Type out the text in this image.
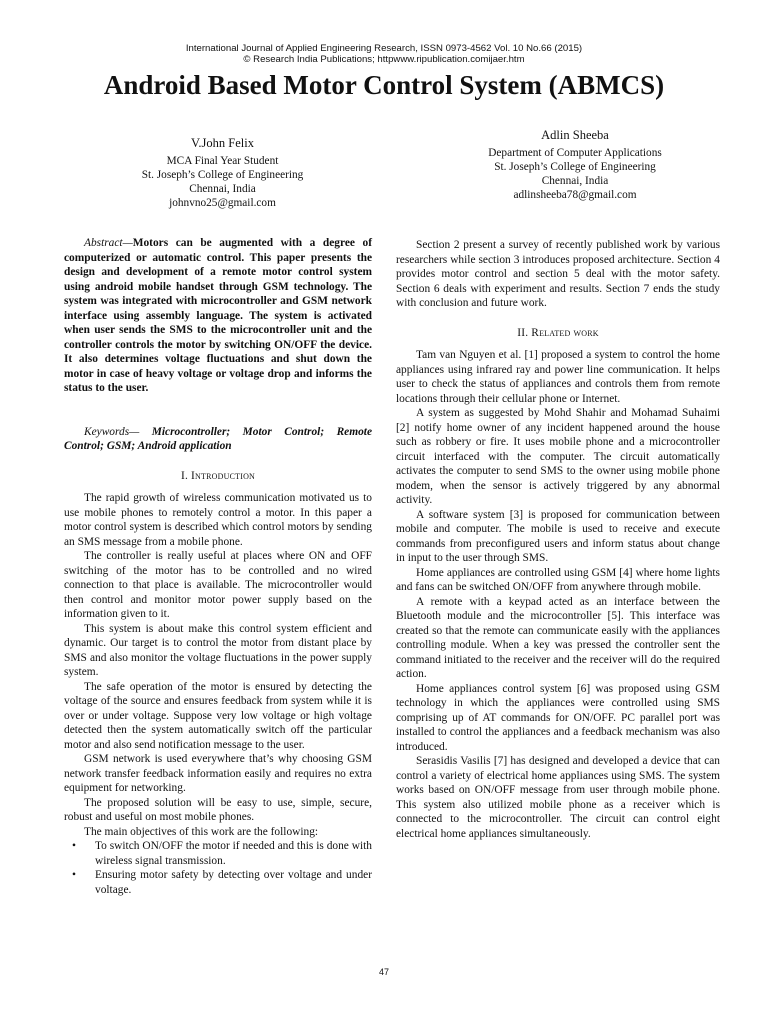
International Journal of Applied Engineering Research, ISSN 0973-4562 Vol. 10 No.66 (2015)
© Research India Publications; httpwww.ripublication.comijaer.htm
Android Based Motor Control System (ABMCS)
V.John Felix
MCA Final Year Student
St. Joseph’s College of Engineering
Chennai, India
johnvno25@gmail.com
Adlin Sheeba
Department of Computer Applications
St. Joseph’s College of Engineering
Chennai, India
adlinsheeba78@gmail.com

Abstract—Motors can be augmented with a degree of computerized or automatic control. This paper presents the design and development of a remote motor control system using android mobile handset through GSM technology. The system was integrated with microcontroller and GSM network interface using assembly language. The system is activated when user sends the SMS to the microcontroller unit and the controller controls the motor by switching ON/OFF the device. It also determines voltage fluctuations and shut down the motor in case of heavy voltage or voltage drop and informs the status to the user.

Keywords— Microcontroller; Motor Control; Remote Control; GSM; Android application

I. Introduction

The rapid growth of wireless communication motivated us to use mobile phones to remotely control a motor. In this paper a motor control system is described which control motors by sending an SMS message from a mobile phone.

The controller is really useful at places where ON and OFF switching of the motor has to be controlled and no wired connection to that place is available. The microcontroller would then control and monitor motor power supply based on the information given to it.

This system is about make this control system efficient and dynamic. Our target is to control the motor from distant place by SMS and also monitor the voltage fluctuations in the power supply system.

The safe operation of the motor is ensured by detecting the voltage of the source and ensures feedback from system while it is over or under voltage. Suppose very low voltage or high voltage detected then the system automatically switch off the particular motor and also send notification message to the user.

GSM network is used everywhere that’s why choosing GSM network transfer feedback information easily and requires no extra equipment for networking.

The proposed solution will be easy to use, simple, secure, robust and useful on most mobile phones.

The main objectives of this work are the following:

• To switch ON/OFF the motor if needed and this is done with wireless signal transmission.
• Ensuring motor safety by detecting over voltage and under voltage.

Section 2 present a survey of recently published work by various researchers while section 3 introduces proposed architecture. Section 4 provides motor control and section 5 deal with the motor safety. Section 6 deals with experiment and results. Section 7 ends the study with conclusion and future work.

II. Related work

Tam van Nguyen et al. [1] proposed a system to control the home appliances using infrared ray and power line communication. It helps user to check the status of appliances and controls them from remote locations through their cellular phone or Internet.

A system as suggested by Mohd Shahir and Mohamad Suhaimi [2] notify home owner of any incident happened around the house such as robbery or fire. It uses mobile phone and a microcontroller circuit interfaced with the computer. The circuit automatically activates the computer to send SMS to the owner using mobile phone modem, when the sensor is actively triggered by any abnormal activity.

A software system [3] is proposed for communication between mobile and computer. The mobile is used to receive and execute commands from preconfigured users and inform status about change in input to the user through SMS.

Home appliances are controlled using GSM [4] where home lights and fans can be switched ON/OFF from anywhere through mobile.

A remote with a keypad acted as an interface between the Bluetooth module and the microcontroller [5]. This interface was created so that the remote can communicate easily with the appliances controlling module. When a key was pressed the controller sent the command initiated to the receiver and the receiver will do the required action.

Home appliances control system [6] was proposed using GSM technology in which the appliances were controlled using SMS comprising up of AT commands for ON/OFF. PC parallel port was installed to control the appliances and a feedback mechanism was also introduced.

Serasidis Vasilis [7] has designed and developed a device that can control a variety of electrical home appliances using SMS. The system works based on ON/OFF message from user through mobile phone. This system also utilized mobile phone as a receiver which is connected to the microcontroller. The circuit can control eight electrical home appliances simultaneously.

47
